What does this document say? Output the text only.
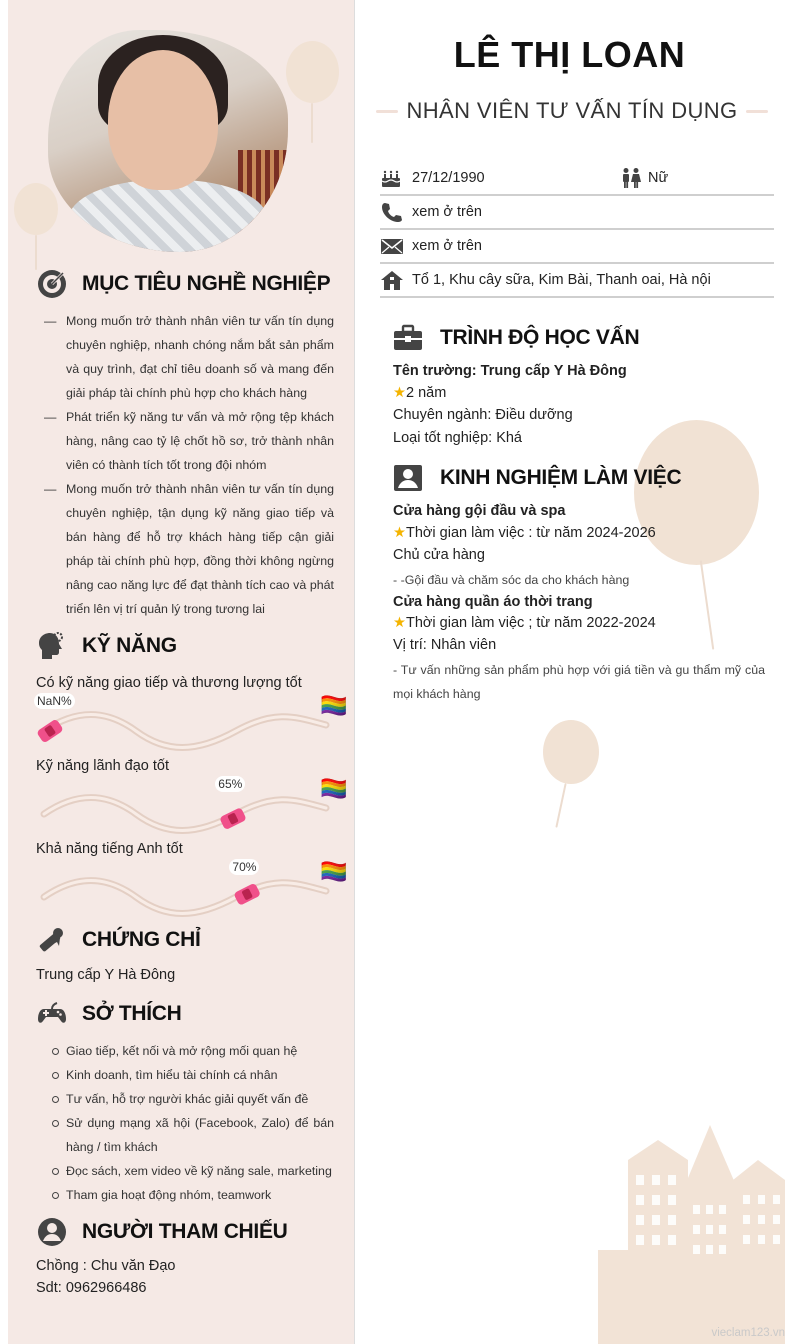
MỤC TIÊU NGHỀ NGHIỆP
— Mong muốn trở thành nhân viên tư vấn tín dụng chuyên nghiệp, nhanh chóng nắm bắt sản phẩm và quy trình, đạt chỉ tiêu doanh số và mang đến giải pháp tài chính phù hợp cho khách hàng
— Phát triển kỹ năng tư vấn và mở rộng tệp khách hàng, nâng cao tỷ lệ chốt hồ sơ, trở thành nhân viên có thành tích tốt trong đội nhóm
— Mong muốn trở thành nhân viên tư vấn tín dụng chuyên nghiệp, tận dụng kỹ năng giao tiếp và bán hàng để hỗ trợ khách hàng tiếp cận giải pháp tài chính phù hợp, đồng thời không ngừng nâng cao năng lực để đạt thành tích cao và phát triển lên vị trí quản lý trong tương lai
KỸ NĂNG
Có kỹ năng giao tiếp và thương lượng tốt
NaN%	🏳️‍🌈
Kỹ năng lãnh đạo tốt
65%	🏳️‍🌈
Khả năng tiếng Anh tốt
70%	🏳️‍🌈
CHỨNG CHỈ
Trung cấp Y Hà Đông
SỞ THÍCH
Giao tiếp, kết nối và mở rộng mối quan hệ
Kinh doanh, tìm hiểu tài chính cá nhân
Tư vấn, hỗ trợ người khác giải quyết vấn đề
Sử dụng mạng xã hội (Facebook, Zalo) để bán hàng / tìm khách
Đọc sách, xem video về kỹ năng sale, marketing
Tham gia hoạt động nhóm, teamwork
NGƯỜI THAM CHIẾU
Chồng : Chu văn Đạo
Sdt: 0962966486
LÊ THỊ LOAN
NHÂN VIÊN TƯ VẤN TÍN DỤNG
27/12/1990	Nữ
xem ở trên
xem ở trên
Tổ 1, Khu cây sữa, Kim Bài, Thanh oai, Hà nội
TRÌNH ĐỘ HỌC VẤN
Tên trường: Trung cấp Y Hà Đông
★2 năm
Chuyên ngành: Điều dưỡng
Loại tốt nghiệp: Khá
KINH NGHIỆM LÀM VIỆC
Cửa hàng gội đầu và spa
★Thời gian làm việc : từ năm 2024-2026
Chủ cửa hàng
- -Gội đầu và chăm sóc da cho khách hàng
Cửa hàng quần áo thời trang
★Thời gian làm việc ; từ năm 2022-2024
Vị trí: Nhân viên
- Tư vấn những sản phẩm phù hợp với giá tiền và gu thẩm mỹ của mọi khách hàng
vieclam123.vn
